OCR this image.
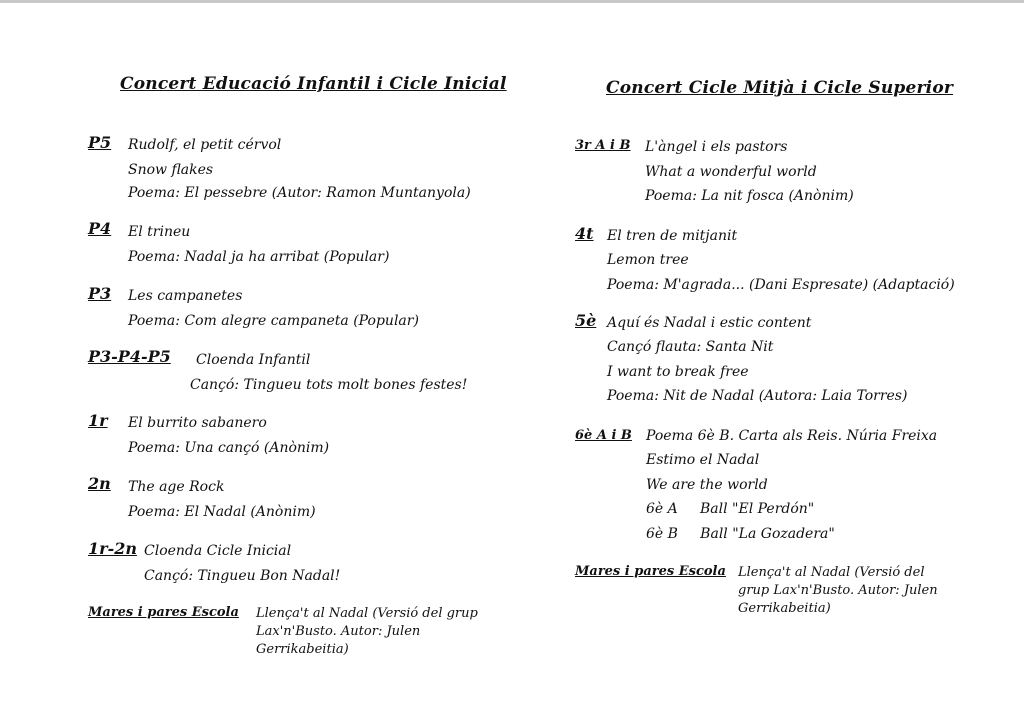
Concert Educació Infantil i Cicle Inicial
P5 Rudolf, el petit cérvol
Snow flakes
Poema: El pessebre (Autor: Ramon Muntanyola)
P4 El trineu
Poema: Nadal ja ha arribat (Popular)
P3 Les campanetes
Poema: Com alegre campaneta (Popular)
P3-P4-P5 Cloenda Infantil
Cançó: Tingueu tots molt bones festes!
1r El burrito sabanero
Poema: Una cançó (Anònim)
2n The age Rock
Poema: El Nadal (Anònim)
1r-2n Cloenda Cicle Inicial
Cançó: Tingueu Bon Nadal!
Mares i pares Escola Llença't al Nadal (Versió del grup Lax'n'Busto. Autor: Julen Gerrikabeitia)
Concert Cicle Mitjà i Cicle Superior
3r A i B L'àngel i els pastors
What a wonderful world
Poema: La nit fosca (Anònim)
4t El tren de mitjanit
Lemon tree
Poema: M'agrada... (Dani Espresate) (Adaptació)
5è Aquí és Nadal i estic content
Cançó flauta: Santa Nit
I want to break free
Poema: Nit de Nadal (Autora: Laia Torres)
6è A i B Poema 6è B. Carta als Reis. Núria Freixa
Estimo el Nadal
We are the world
6è A     Ball "El Perdón"
6è B     Ball "La Gozadera"
Mares i pares Escola Llença't al Nadal (Versió del grup Lax'n'Busto. Autor: Julen Gerrikabeitia)
